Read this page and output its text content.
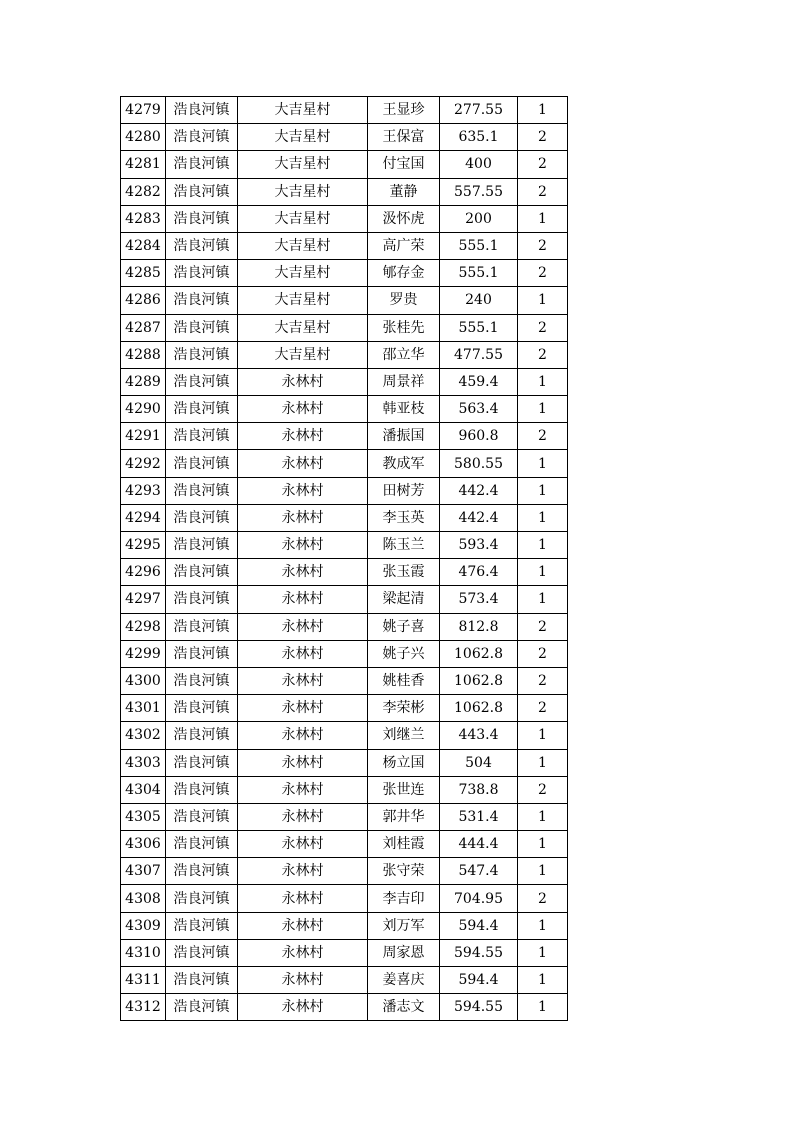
4279	浩良河镇	大吉星村	王显珍	277.55	1
4280	浩良河镇	大吉星村	王保富	635.1	2
4281	浩良河镇	大吉星村	付宝国	400	2
4282	浩良河镇	大吉星村	董静	557.55	2
4283	浩良河镇	大吉星村	汲怀虎	200	1
4284	浩良河镇	大吉星村	高广荣	555.1	2
4285	浩良河镇	大吉星村	郇存金	555.1	2
4286	浩良河镇	大吉星村	罗贵	240	1
4287	浩良河镇	大吉星村	张桂先	555.1	2
4288	浩良河镇	大吉星村	邵立华	477.55	2
4289	浩良河镇	永林村	周景祥	459.4	1
4290	浩良河镇	永林村	韩亚枝	563.4	1
4291	浩良河镇	永林村	潘振国	960.8	2
4292	浩良河镇	永林村	教成军	580.55	1
4293	浩良河镇	永林村	田树芳	442.4	1
4294	浩良河镇	永林村	李玉英	442.4	1
4295	浩良河镇	永林村	陈玉兰	593.4	1
4296	浩良河镇	永林村	张玉霞	476.4	1
4297	浩良河镇	永林村	梁起清	573.4	1
4298	浩良河镇	永林村	姚子喜	812.8	2
4299	浩良河镇	永林村	姚子兴	1062.8	2
4300	浩良河镇	永林村	姚桂香	1062.8	2
4301	浩良河镇	永林村	李荣彬	1062.8	2
4302	浩良河镇	永林村	刘继兰	443.4	1
4303	浩良河镇	永林村	杨立国	504	1
4304	浩良河镇	永林村	张世连	738.8	2
4305	浩良河镇	永林村	郭井华	531.4	1
4306	浩良河镇	永林村	刘桂霞	444.4	1
4307	浩良河镇	永林村	张守荣	547.4	1
4308	浩良河镇	永林村	李吉印	704.95	2
4309	浩良河镇	永林村	刘万军	594.4	1
4310	浩良河镇	永林村	周家恩	594.55	1
4311	浩良河镇	永林村	姜喜庆	594.4	1
4312	浩良河镇	永林村	潘志文	594.55	1
